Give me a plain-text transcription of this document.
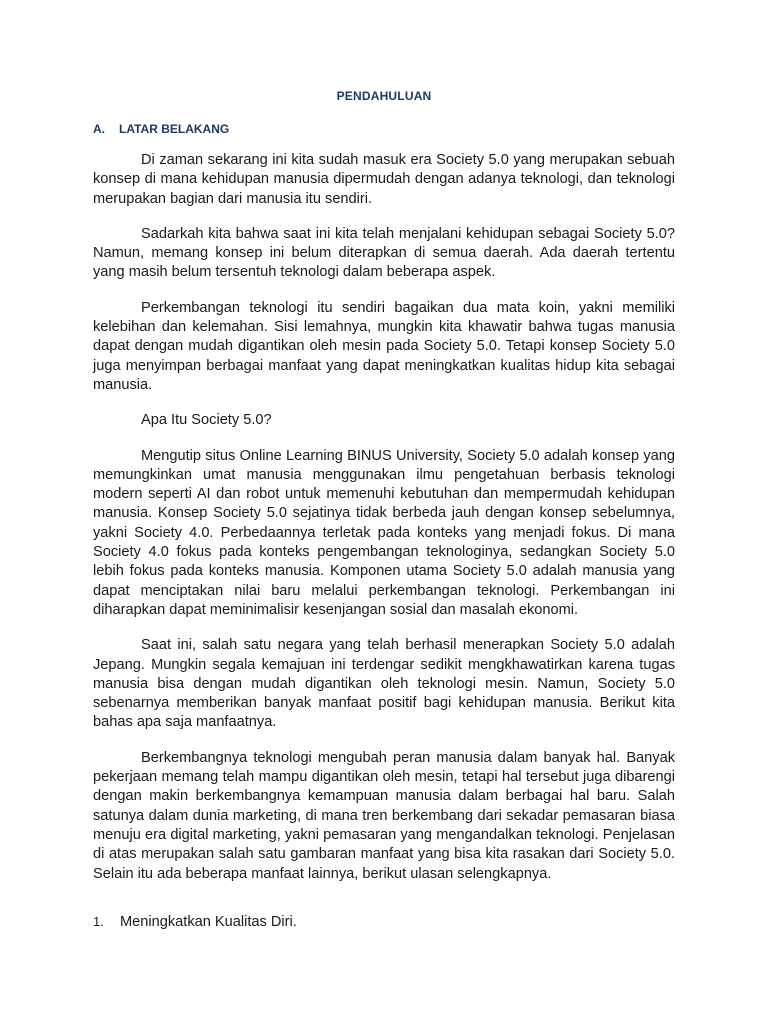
PENDAHULUAN
A. LATAR BELAKANG

Di zaman sekarang ini kita sudah masuk era Society 5.0 yang merupakan sebuah konsep di mana kehidupan manusia dipermudah dengan adanya teknologi, dan teknologi merupakan bagian dari manusia itu sendiri.

Sadarkah kita bahwa saat ini kita telah menjalani kehidupan sebagai Society 5.0? Namun, memang konsep ini belum diterapkan di semua daerah. Ada daerah tertentu yang masih belum tersentuh teknologi dalam beberapa aspek.

Perkembangan teknologi itu sendiri bagaikan dua mata koin, yakni memiliki kelebihan dan kelemahan. Sisi lemahnya, mungkin kita khawatir bahwa tugas manusia dapat dengan mudah digantikan oleh mesin pada Society 5.0. Tetapi konsep Society 5.0 juga menyimpan berbagai manfaat yang dapat meningkatkan kualitas hidup kita sebagai manusia.

Apa Itu Society 5.0?

Mengutip situs Online Learning BINUS University, Society 5.0 adalah konsep yang memungkinkan umat manusia menggunakan ilmu pengetahuan berbasis teknologi modern seperti AI dan robot untuk memenuhi kebutuhan dan mempermudah kehidupan manusia. Konsep Society 5.0 sejatinya tidak berbeda jauh dengan konsep sebelumnya, yakni Society 4.0. Perbedaannya terletak pada konteks yang menjadi fokus. Di mana Society 4.0 fokus pada konteks pengembangan teknologinya, sedangkan Society 5.0 lebih fokus pada konteks manusia. Komponen utama Society 5.0 adalah manusia yang dapat menciptakan nilai baru melalui perkembangan teknologi. Perkembangan ini diharapkan dapat meminimalisir kesenjangan sosial dan masalah ekonomi.

Saat ini, salah satu negara yang telah berhasil menerapkan Society 5.0 adalah Jepang. Mungkin segala kemajuan ini terdengar sedikit mengkhawatirkan karena tugas manusia bisa dengan mudah digantikan oleh teknologi mesin. Namun, Society 5.0 sebenarnya memberikan banyak manfaat positif bagi kehidupan manusia. Berikut kita bahas apa saja manfaatnya.

Berkembangnya teknologi mengubah peran manusia dalam banyak hal. Banyak pekerjaan memang telah mampu digantikan oleh mesin, tetapi hal tersebut juga dibarengi dengan makin berkembangnya kemampuan manusia dalam berbagai hal baru. Salah satunya dalam dunia marketing, di mana tren berkembang dari sekadar pemasaran biasa menuju era digital marketing, yakni pemasaran yang mengandalkan teknologi. Penjelasan di atas merupakan salah satu gambaran manfaat yang bisa kita rasakan dari Society 5.0. Selain itu ada beberapa manfaat lainnya, berikut ulasan selengkapnya.

1. Meningkatkan Kualitas Diri.
